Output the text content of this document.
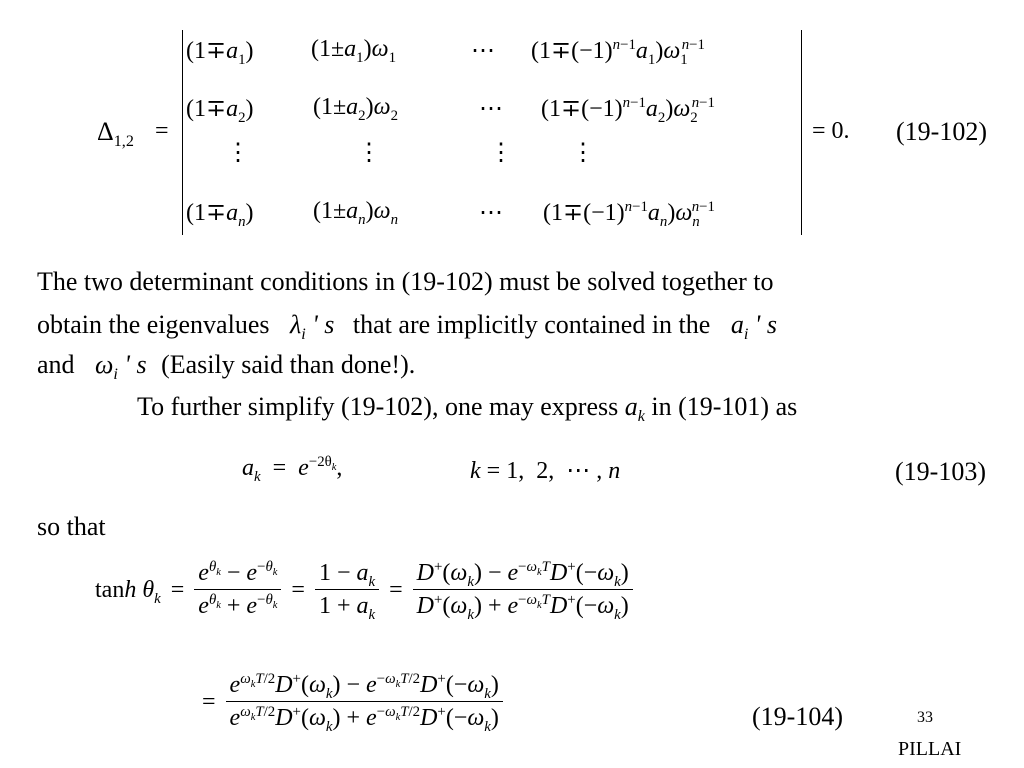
$\Delta_{1,2}$ =
$(1\mp a_1)$ $(1\pm a_1)\omega_1$	⋯ $(1\mp(-1)^{n-1}a_1)\omega_1^{n-1}$
$(1\mp a_2)$ $(1\pm a_2)\omega_2$	⋯ $(1\mp(-1)^{n-1}a_2)\omega_2^{n-1}$
⋮	⋮	⋮ ⋮
$(1\mp a_n)$ $(1\pm a_n)\omega_n$	⋯ $(1\mp(-1)^{n-1}a_n)\omega_n^{n-1}$
= 0. (19-102)
The two determinant conditions in (19-102) must be solved together to
obtain the eigenvalues $\lambda_i$ ' s that are implicitly contained in the $a_i$ ' s
and $\omega_i$ ' s (Easily said than done!).
To further simplify (19-102), one may express $a_k$ in (19-101) as
$a_k = e^{-2\theta_k}$,	k = 1,  2,  ⋯ , n	(19-103)
so that
$\tanh \theta_k = \frac{e^{\theta_k} - e^{-\theta_k}}{e^{\theta_k} + e^{-\theta_k}} = \frac{1 - a_k}{1 + a_k} = \frac{D^+(\omega_k) - e^{-\omega_kT}D^+(-\omega_k)}{D^+(\omega_k) + e^{-\omega_kT}D^+(-\omega_k)}$
= $\frac{e^{\omega_kT/2}D^+(\omega_k) - e^{-\omega_kT/2}D^+(-\omega_k)}{e^{\omega_kT/2}D^+(\omega_k) + e^{-\omega_kT/2}D^+(-\omega_k)}$	(19-104)	33
PILLAI
